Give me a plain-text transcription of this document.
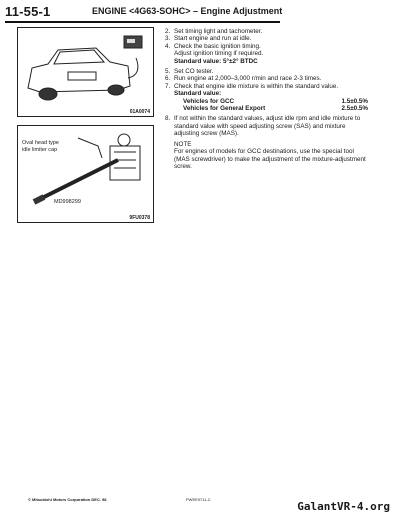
11-55-1	ENGINE <4G63-SOHC> – Engine Adjustment
01A0074
Oval head type
idle limiter cap
MD998299
9FU0378
2. Set timing light and tachometer.
3. Start engine and run at idle.
4. Check the basic ignition timing.
Adjust ignition timing if required.
Standard value: 5°±2° BTDC
5. Set CO tester.
6. Run engine at 2,000–3,000 r/min and race 2-3 times.
7. Check that engine idle mixture is within the standard value.
Standard value:
Vehicles for GCC	1.5±0.5%
Vehicles for General Export	2.5±0.5%
8. If not within the standard values, adjust idle rpm and idle mixture to standard value with speed adjusting screw (SAS) and mixture adjusting screw (MAS).
NOTE
For engines of models for GCC destinations, use the special tool (MAS screwdriver) to make the adjustment of the mixture-adjustment screw.
© Mitsubishi Motors Corporation DEC. 98	PWEE9711-C
GalantVR-4.org
